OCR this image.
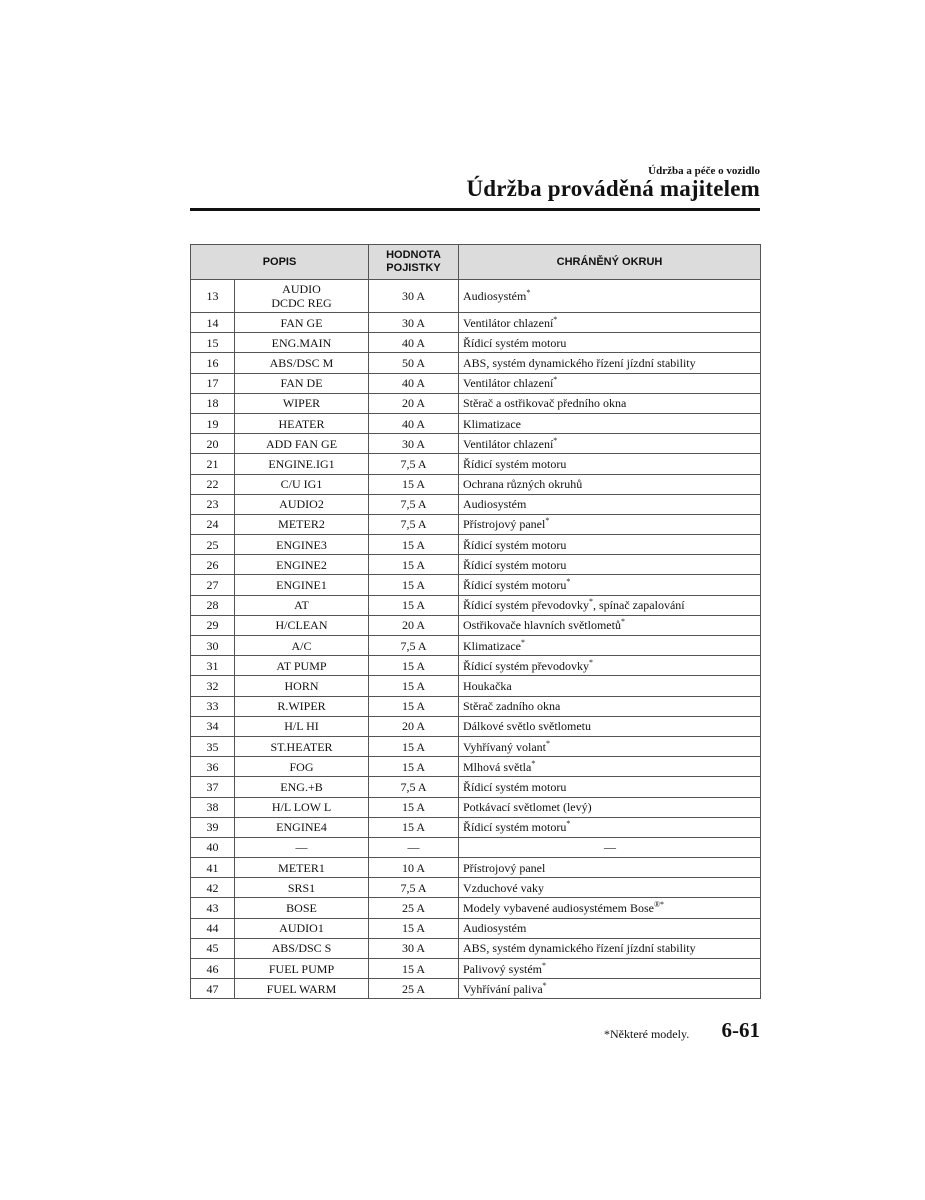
Údržba a péče o vozidlo
Údržba prováděná majitelem
POPIS		HODNOTA
POJISTKY	CHRÁNĚNÝ OKRUH
13	AUDIO
DCDC REG	30 A	Audiosystém*
14	FAN GE	30 A	Ventilátor chlazení*
15	ENG.MAIN	40 A	Řídicí systém motoru
16	ABS/DSC M	50 A	ABS, systém dynamického řízení jízdní stability
17	FAN DE	40 A	Ventilátor chlazení*
18	WIPER	20 A	Stěrač a ostřikovač předního okna
19	HEATER	40 A	Klimatizace
20	ADD FAN GE	30 A	Ventilátor chlazení*
21	ENGINE.IG1	7,5 A	Řídicí systém motoru
22	C/U IG1	15 A	Ochrana různých okruhů
23	AUDIO2	7,5 A	Audiosystém
24	METER2	7,5 A	Přístrojový panel*
25	ENGINE3	15 A	Řídicí systém motoru
26	ENGINE2	15 A	Řídicí systém motoru
27	ENGINE1	15 A	Řídicí systém motoru*
28	AT	15 A	Řídicí systém převodovky*, spínač zapalování
29	H/CLEAN	20 A	Ostřikovače hlavních světlometů*
30	A/C	7,5 A	Klimatizace*
31	AT PUMP	15 A	Řídicí systém převodovky*
32	HORN	15 A	Houkačka
33	R.WIPER	15 A	Stěrač zadního okna
34	H/L HI	20 A	Dálkové světlo světlometu
35	ST.HEATER	15 A	Vyhřívaný volant*
36	FOG	15 A	Mlhová světla*
37	ENG.+B	7,5 A	Řídicí systém motoru
38	H/L LOW L	15 A	Potkávací světlomet (levý)
39	ENGINE4	15 A	Řídicí systém motoru*
40	—	—	—
41	METER1	10 A	Přístrojový panel
42	SRS1	7,5 A	Vzduchové vaky
43	BOSE	25 A	Modely vybavené audiosystémem Bose®*
44	AUDIO1	15 A	Audiosystém
45	ABS/DSC S	30 A	ABS, systém dynamického řízení jízdní stability
46	FUEL PUMP	15 A	Palivový systém*
47	FUEL WARM	25 A	Vyhřívání paliva*
*Některé modely. 6-61
